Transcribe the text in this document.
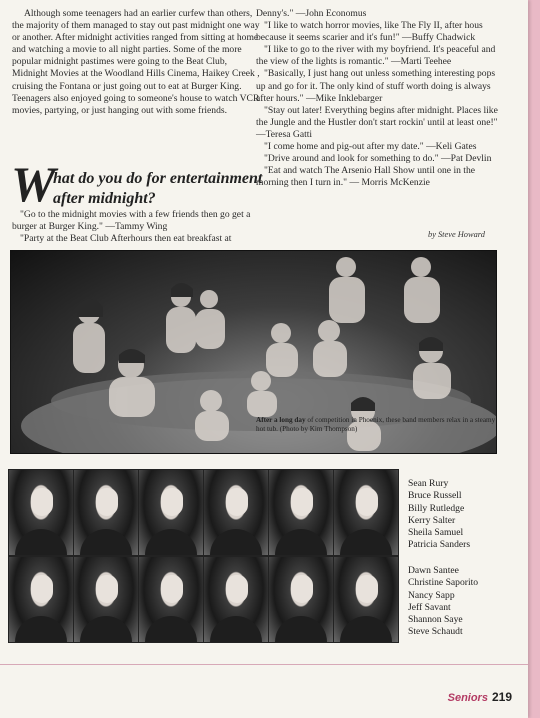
Although some teenagers had an earlier curfew than others, the majority of them managed to stay out past midnight one way or another. After midnight activities ranged from sitting at home and watching a movie to all night parties. Some of the more popular midnight pastimes were going to the Beat Club, Midnight Movies at the Woodland Hills Cinema, Haikey Creek , cruising the Fontana or just going out to eat at Burger King. Teenagers also enjoyed going to someone's house to watch VCR movies, partying, or just hanging out with some friends.

W
hat do you do for entertainment after midnight?

"Go to the midnight movies with a few friends then go get a burger at Burger King." —Tammy Wing

"Party at the Beat Club Afterhours then eat breakfast at

Denny's." —John Economus

"I like to watch horror movies, like The Fly II, after hous because it seems scarier and it's fun!" —Buffy Chadwick

"I like to go to the river with my boyfriend. It's peaceful and the view of the lights is romantic." —Marti Teehee

"Basically, I just hang out unless something interesting pops up and go for it. The only kind of stuff worth doing is always after hours." —Mike Inklebarger

"Stay out later! Everything begins after midnight. Places like the Jungle and the Hustler don't start rockin' until at least one!" —Teresa Gatti

"I come home and pig-out after my date." —Keli Gates

"Drive around and look for something to do." —Pat Devlin

"Eat and watch The Arsenio Hall Show until one in the morning then I turn in." — Morris McKenzie

by Steve Howard
After a long day of competition in Phoenix, these band members relax in a steamy hot tub. (Photo by Kim Thompson)
Sean Rury
Bruce Russell
Billy Rutledge
Kerry Salter
Sheila Samuel
Patricia Sanders
Dawn Santee
Christine Saporito
Nancy Sapp
Jeff Savant
Shannon Saye
Steve Schaudt
Seniors 219
